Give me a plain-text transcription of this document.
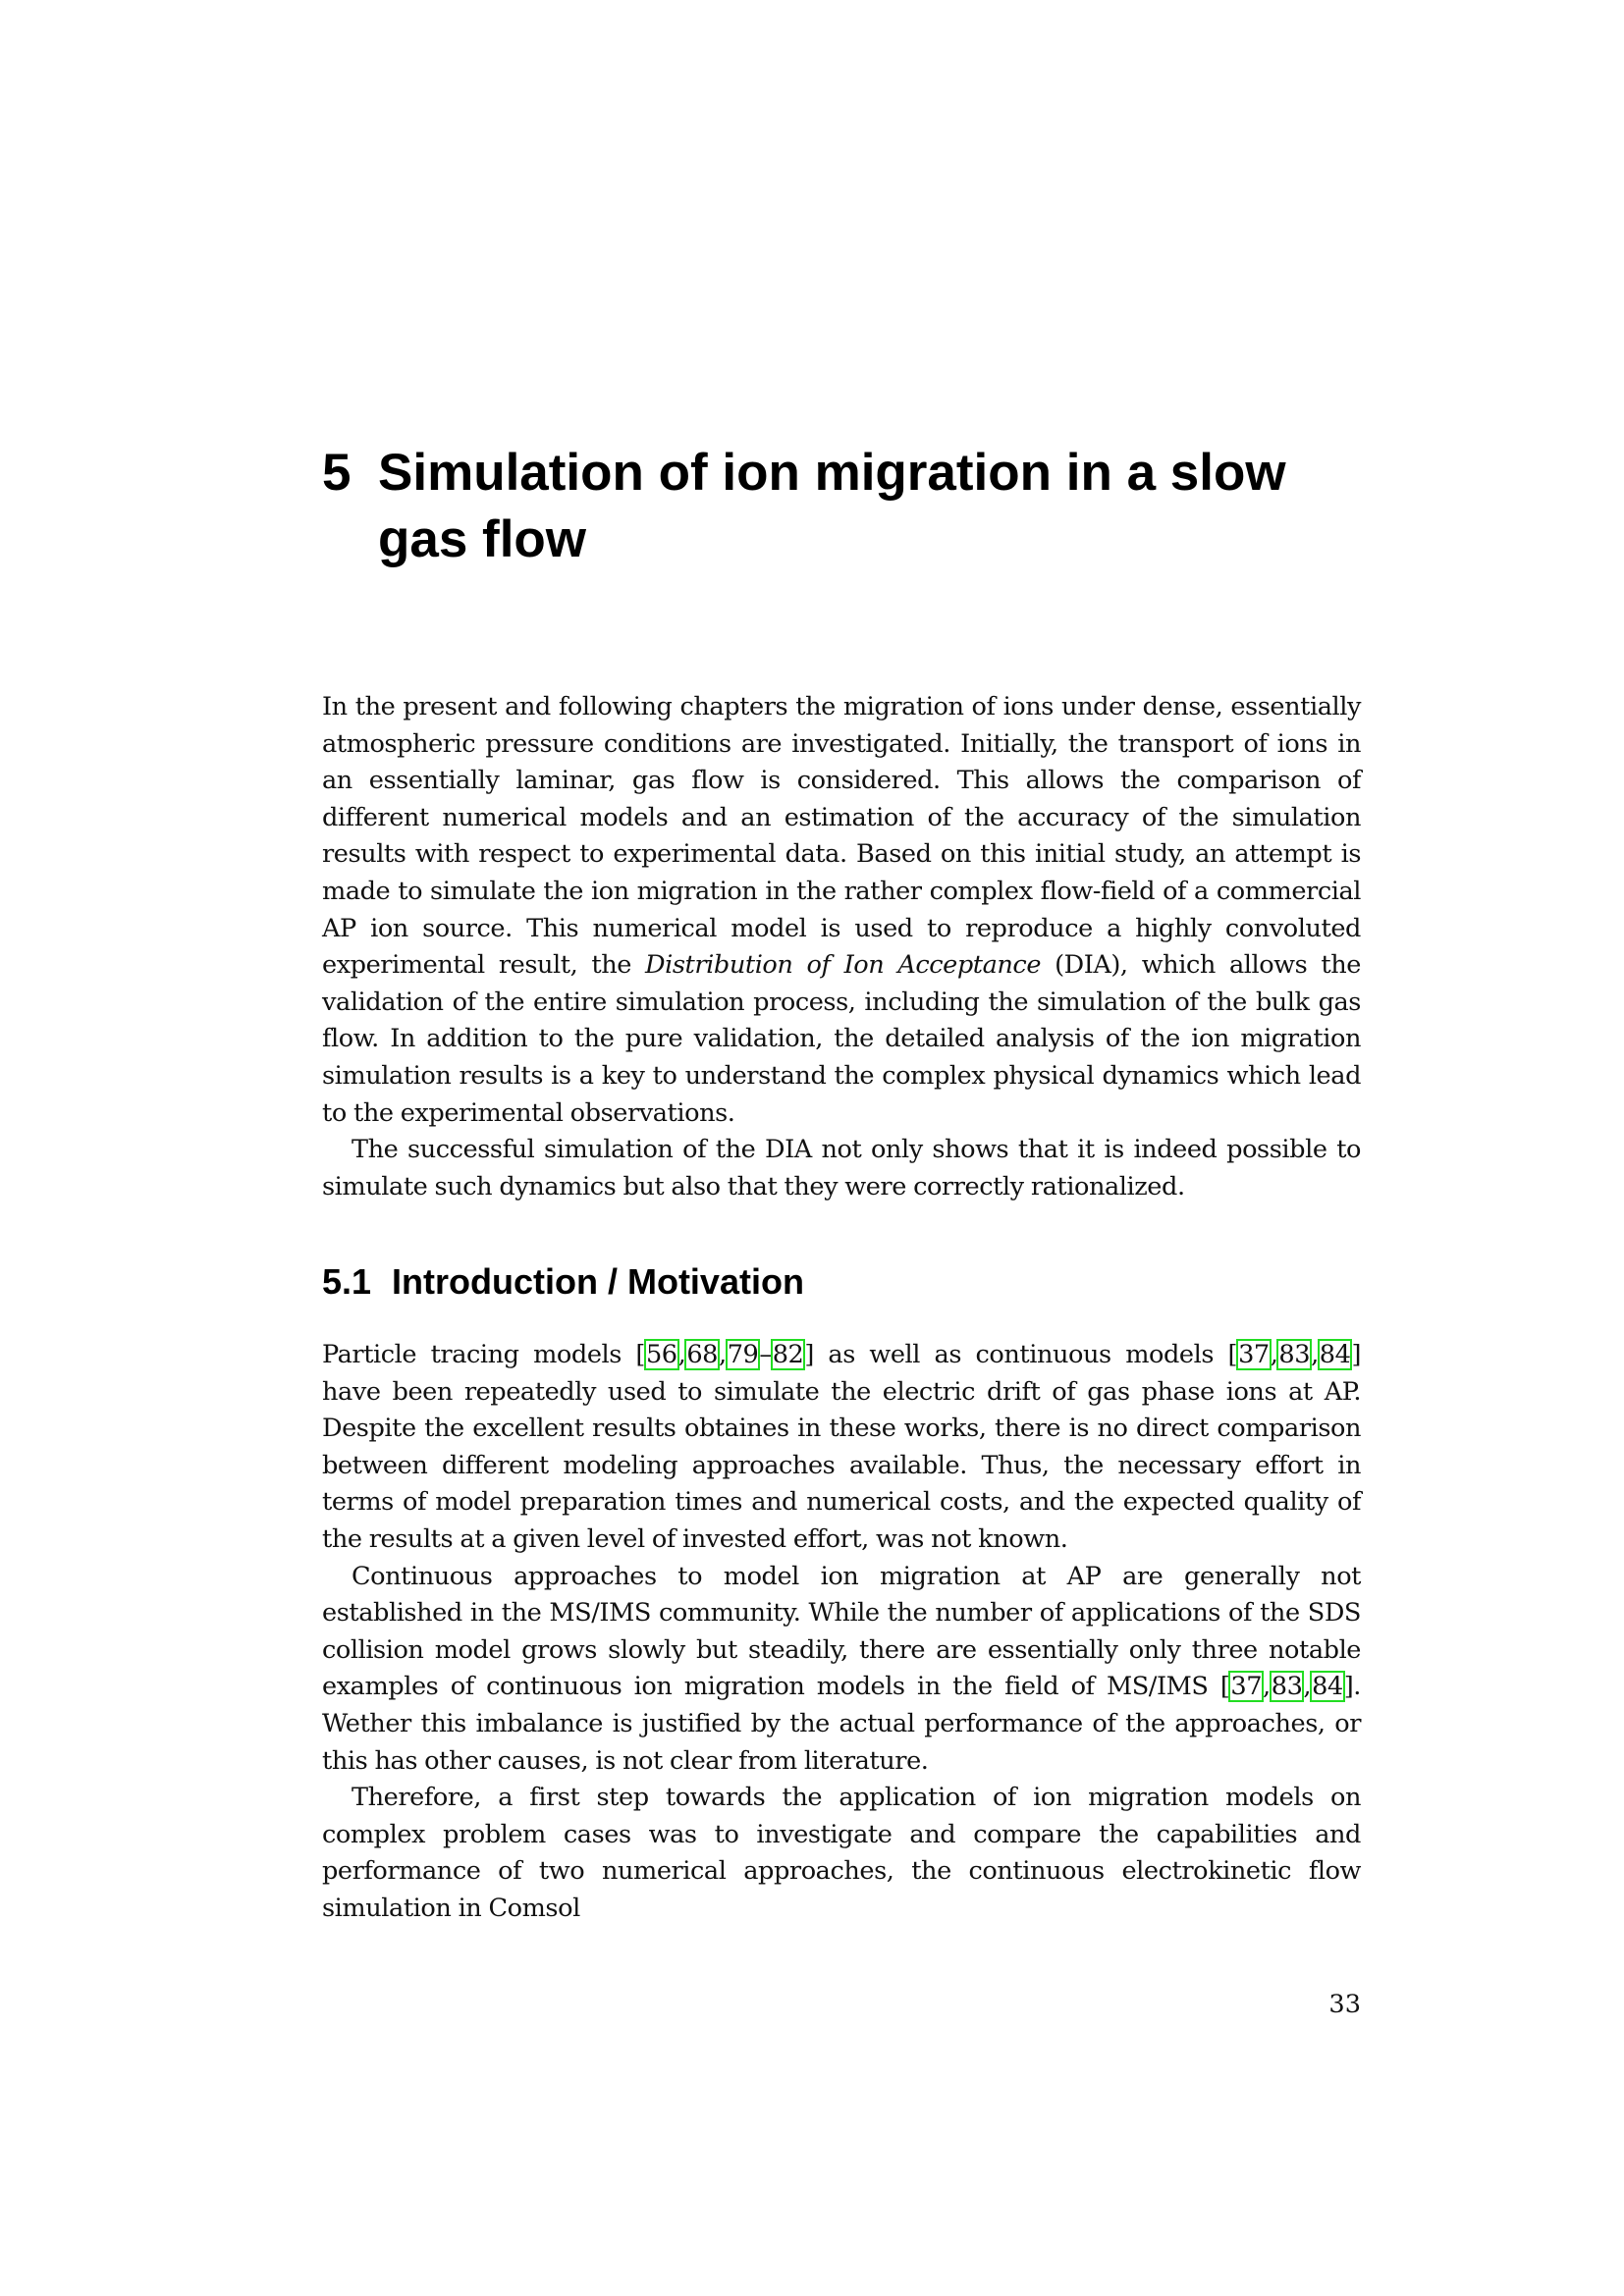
5 Simulation of ion migration in a slow gas flow

In the present and following chapters the migration of ions under dense, essentially atmospheric pressure conditions are investigated. Initially, the transport of ions in an essentially laminar, gas flow is considered. This allows the comparison of different numerical models and an estimation of the accuracy of the simulation results with respect to experimental data. Based on this initial study, an attempt is made to simulate the ion migration in the rather complex flow-field of a commercial AP ion source. This numerical model is used to reproduce a highly convoluted experimental result, the Distribution of Ion Acceptance (DIA), which allows the validation of the entire simulation process, including the simulation of the bulk gas flow. In addition to the pure validation, the detailed analysis of the ion migration simulation results is a key to understand the complex physical dynamics which lead to the experimental observations.

The successful simulation of the DIA not only shows that it is indeed possible to simulate such dynamics but also that they were correctly rationalized.

5.1 Introduction / Motivation

Particle tracing models [56,68,79–82] as well as continuous models [37,83,84] have been repeatedly used to simulate the electric drift of gas phase ions at AP. Despite the excellent results obtaines in these works, there is no direct comparison between different modeling approaches available. Thus, the necessary effort in terms of model preparation times and numerical costs, and the expected quality of the results at a given level of invested effort, was not known.

Continuous approaches to model ion migration at AP are generally not established in the MS/IMS community. While the number of applications of the SDS collision model grows slowly but steadily, there are essentially only three notable examples of continuous ion migration models in the field of MS/IMS [37,83,84]. Wether this imbalance is justified by the actual performance of the approaches, or this has other causes, is not clear from literature.

Therefore, a first step towards the application of ion migration models on complex problem cases was to investigate and compare the capabilities and performance of two numerical approaches, the continuous electrokinetic flow simulation in Comsol

33
